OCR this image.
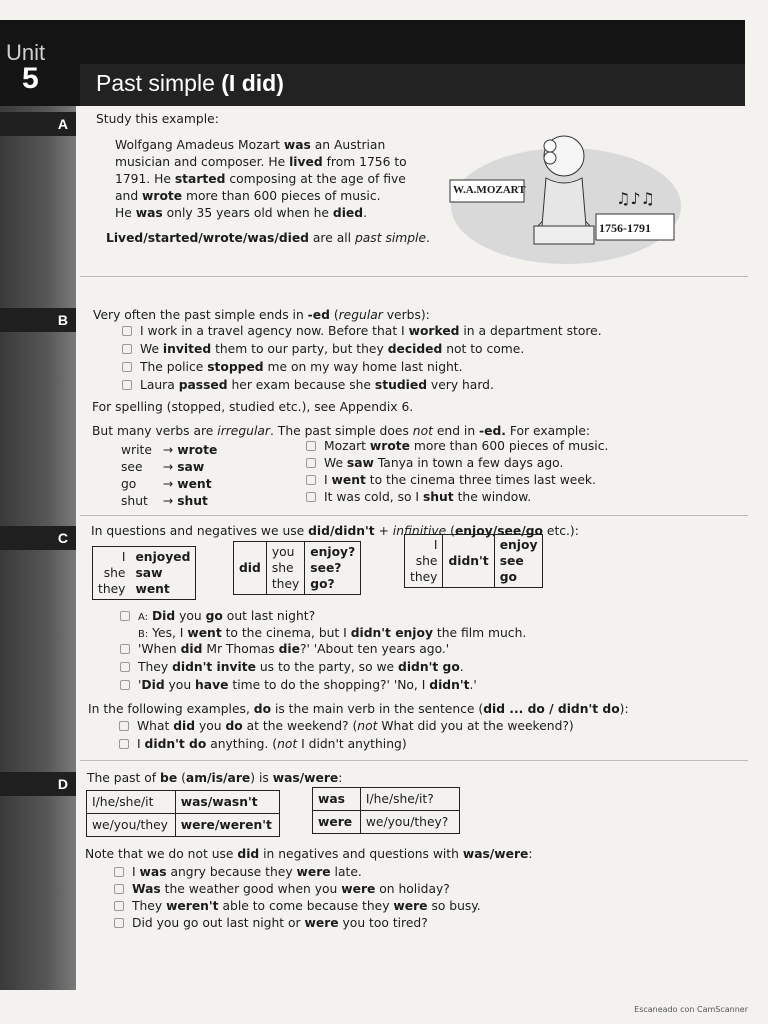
Unit
5 Past simple (I did)
A	Study this example:
Wolfgang Amadeus Mozart was an Austrian
musician and composer. He lived from 1756 to
1791. He started composing at the age of five
and wrote more than 600 pieces of music.
He was only 35 years old when he died.
Lived/started/wrote/was/died are all past simple.
♫♪♫
W.A.MOZART
1756-1791
B	Very often the past simple ends in -ed (regular verbs):
I work in a travel agency now. Before that I worked in a department store.
We invited them to our party, but they decided not to come.
The police stopped me on my way home last night.
Laura passed her exam because she studied very hard.
For spelling (stopped, studied etc.), see Appendix 6.
But many verbs are irregular. The past simple does not end in -ed. For example:
write → wrote
see → saw
go → went
shut → shut
Mozart wrote more than 600 pieces of music.
We saw Tanya in town a few days ago.
I went to the cinema three times last week.
It was cold, so I shut the window.
C	In questions and negatives we use did/didn't + infinitive (enjoy/see/go etc.):
I
she
they	enjoyed
saw
went
did	you
she
they	enjoy?
see?
go?
I
she
they	didn't	enjoy
see
go
A: Did you go out last night?
B: Yes, I went to the cinema, but I didn't enjoy the film much.
'When did Mr Thomas die?' 'About ten years ago.'
They didn't invite us to the party, so we didn't go.
'Did you have time to do the shopping?' 'No, I didn't.'
In the following examples, do is the main verb in the sentence (did ... do / didn't do):
What did you do at the weekend? (not What did you at the weekend?)
I didn't do anything. (not I didn't anything)
D	The past of be (am/is/are) is was/were:
I/he/she/it	was/wasn't
we/you/they	were/weren't
was	I/he/she/it?
were	we/you/they?
Note that we do not use did in negatives and questions with was/were:
I was angry because they were late.
Was the weather good when you were on holiday?
They weren't able to come because they were so busy.
Did you go out last night or were you too tired?
Escaneado con CamScanner
